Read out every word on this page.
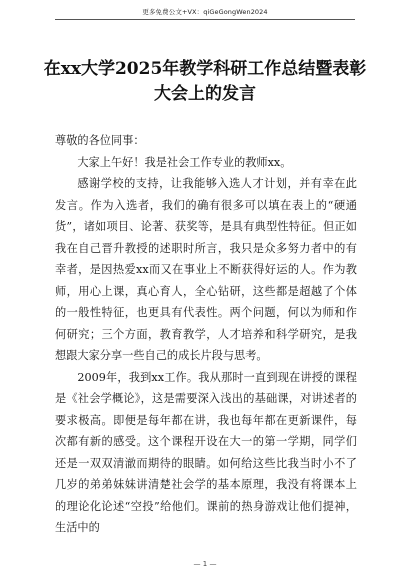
更多免费公文+VX：qiGeGongWen2024
在xx大学2025年教学科研工作总结暨表彰大会上的发言

尊敬的各位同事：

大家上午好！我是社会工作专业的教师xx。

感谢学校的支持，让我能够入选人才计划，并有幸在此发言。作为入选者，我们的确有很多可以填在表上的“硬通货”，诸如项目、论著、获奖等，是具有典型性特征。但正如我在自己晋升教授的述职时所言，我只是众多努力者中的有幸者，是因热爱xx而又在事业上不断获得好运的人。作为教师，用心上课，真心育人，全心钻研，这些都是超越了个体的一般性特征，也更具有代表性。两个问题，何以为师和作何研究；三个方面，教育教学，人才培养和科学研究，是我想跟大家分享一些自己的成长片段与思考。

2009年，我到xx工作。我从那时一直到现在讲授的课程是《社会学概论》，这是需要深入浅出的基础课，对讲述者的要求极高。即便是每年都在讲，我也每年都在更新课件，每次都有新的感受。这个课程开设在大一的第一学期，同学们还是一双双清澈而期待的眼睛。如何给这些比我当时小不了几岁的弟弟妹妹讲清楚社会学的基本原理，我没有将课本上的理论化论述“空投”给他们。课前的热身游戏让他们提神，生活中的

— 1 —
